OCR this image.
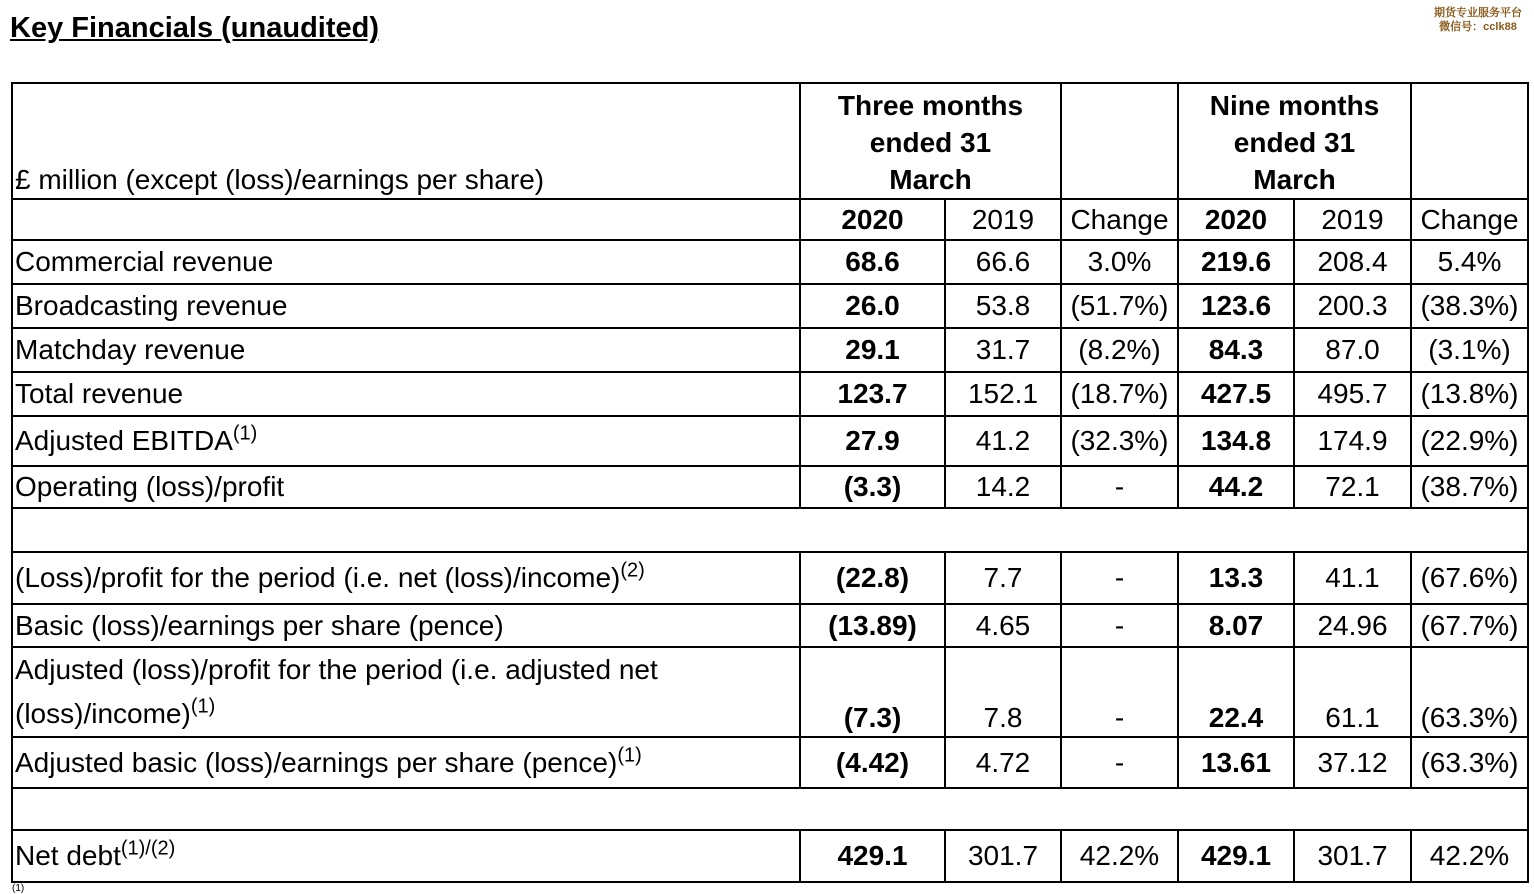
Key Financials (unaudited)	期货专业服务平台
微信号：cclk88
£ million (except (loss)/earnings per share)	Three months ended 31 March			Nine months ended 31 March		

	2020	2019	Change	2020	2019	Change
Commercial revenue	68.6	66.6	3.0%	219.6	208.4	5.4%
Broadcasting revenue	26.0	53.8	(51.7%)	123.6	200.3	(38.3%)
Matchday revenue	29.1	31.7	(8.2%)	84.3	87.0	(3.1%)
Total revenue	123.7	152.1	(18.7%)	427.5	495.7	(13.8%)
Adjusted EBITDA$^{(1)}$	27.9	41.2	(32.3%)	134.8	174.9	(22.9%)
Operating (loss)/profit	(3.3)	14.2	-	44.2	72.1	(38.7%)

(Loss)/profit for the period (i.e. net (loss)/income)$^{(2)}$	(22.8)	7.7	-	13.3	41.1	(67.6%)
Basic (loss)/earnings per share (pence)	(13.89)	4.65	-	8.07	24.96	(67.7%)
Adjusted (loss)/profit for the period (i.e. adjusted net (loss)/income)$^{(1)}$	(7.3)	7.8	-	22.4	61.1	(63.3%)
Adjusted basic (loss)/earnings per share (pence)$^{(1)}$	(4.42)	4.72	-	13.61	37.12	(63.3%)

Net debt$^{(1)/(2)}$	429.1	301.7	42.2%	429.1	301.7	42.2%
(1)
